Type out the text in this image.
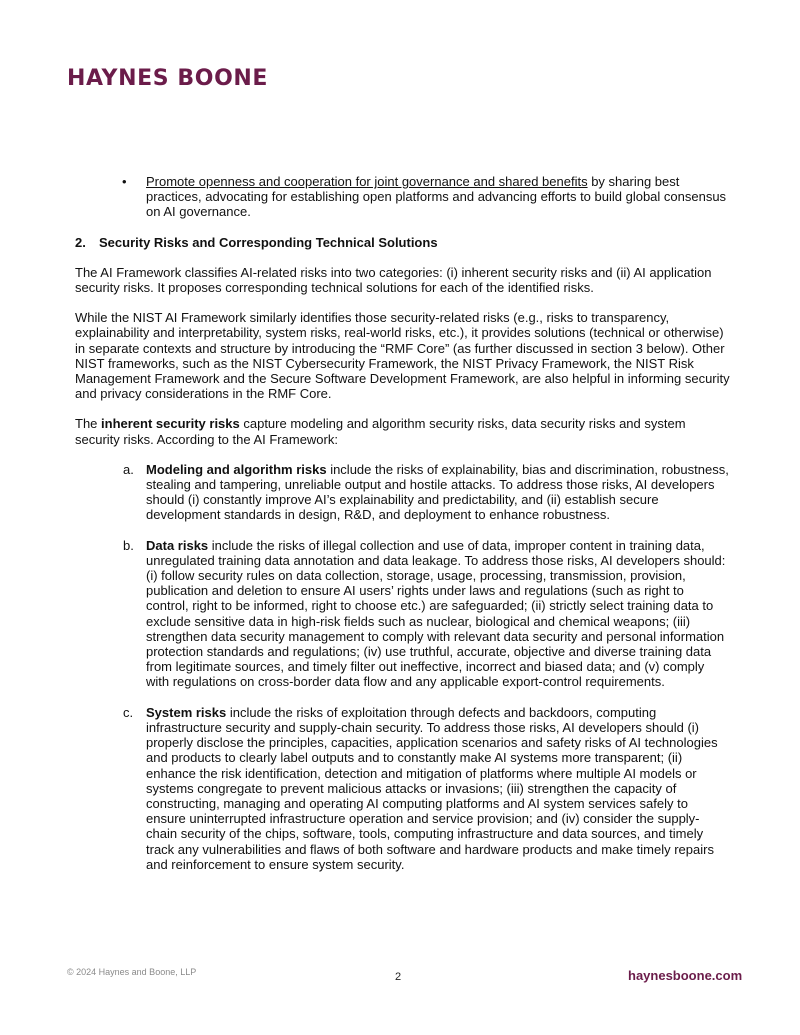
HAYNES BOONE
• Promote openness and cooperation for joint governance and shared benefits by sharing best practices, advocating for establishing open platforms and advancing efforts to build global consensus on AI governance.
2. Security Risks and Corresponding Technical Solutions

The AI Framework classifies AI-related risks into two categories: (i) inherent security risks and (ii) AI application security risks. It proposes corresponding technical solutions for each of the identified risks.

While the NIST AI Framework similarly identifies those security-related risks (e.g., risks to transparency, explainability and interpretability, system risks, real-world risks, etc.), it provides solutions (technical or otherwise) in separate contexts and structure by introducing the “RMF Core” (as further discussed in section 3 below). Other NIST frameworks, such as the NIST Cybersecurity Framework, the NIST Privacy Framework, the NIST Risk Management Framework and the Secure Software Development Framework, are also helpful in informing security and privacy considerations in the RMF Core.

The inherent security risks capture modeling and algorithm security risks, data security risks and system security risks. According to the AI Framework:

a. Modeling and algorithm risks include the risks of explainability, bias and discrimination, robustness, stealing and tampering, unreliable output and hostile attacks. To address those risks, AI developers should (i) constantly improve AI’s explainability and predictability, and (ii) establish secure development standards in design, R&D, and deployment to enhance robustness.
b. Data risks include the risks of illegal collection and use of data, improper content in training data, unregulated training data annotation and data leakage. To address those risks, AI developers should: (i) follow security rules on data collection, storage, usage, processing, transmission, provision, publication and deletion to ensure AI users’ rights under laws and regulations (such as right to control, right to be informed, right to choose etc.) are safeguarded; (ii) strictly select training data to exclude sensitive data in high-risk fields such as nuclear, biological and chemical weapons; (iii) strengthen data security management to comply with relevant data security and personal information protection standards and regulations; (iv) use truthful, accurate, objective and diverse training data from legitimate sources, and timely filter out ineffective, incorrect and biased data; and (v) comply with regulations on cross-border data flow and any applicable export-control requirements.
c. System risks include the risks of exploitation through defects and backdoors, computing infrastructure security and supply-chain security. To address those risks, AI developers should (i) properly disclose the principles, capacities, application scenarios and safety risks of AI technologies and products to clearly label outputs and to constantly make AI systems more transparent; (ii) enhance the risk identification, detection and mitigation of platforms where multiple AI models or systems congregate to prevent malicious attacks or invasions; (iii) strengthen the capacity of constructing, managing and operating AI computing platforms and AI system services safely to ensure uninterrupted infrastructure operation and service provision; and (iv) consider the supply-chain security of the chips, software, tools, computing infrastructure and data sources, and timely track any vulnerabilities and flaws of both software and hardware products and make timely repairs and reinforcement to ensure system security.
© 2024 Haynes and Boone, LLP	2	haynesboone.com
